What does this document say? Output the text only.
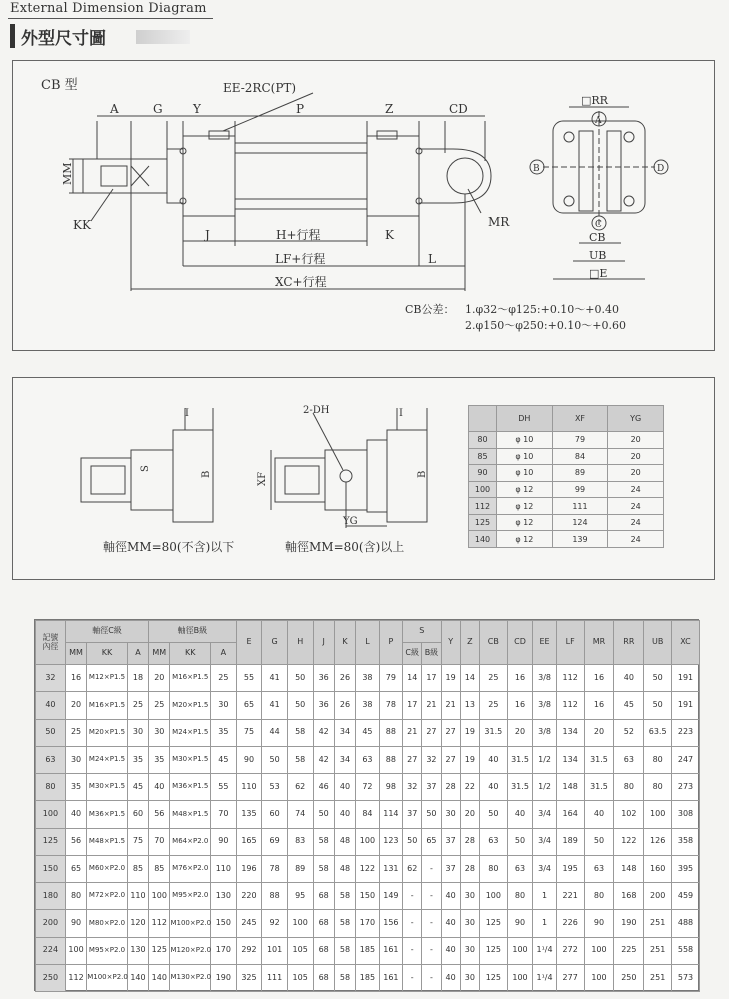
External Dimension Diagram
外型尺寸圖
CB 型	EE-2RC(PT)
A	G	Y	P	Z	CD
MM
KK	MR
J	H+行程	K
LF+行程	L
XC+行程
□RR
A
B
C
D
CB
UB
□E
CB公差： 1.φ32～φ125:+0.10～+0.40
2.φ150～φ250:+0.10～+0.60
I
S
B
2-DH	I
XF	B
YG
軸徑MM=80(不含)以下	軸徑MM=80(含)以上
	DH	XF	YG
80	φ 10	79	20
85	φ 10	84	20
90	φ 10	89	20
100	φ 12	99	24
112	φ 12	111	24
125	φ 12	124	24
140	φ 12	139	24
記號
內徑	軸徑C級			軸徑B級			E	G	H	J	K	L	P	S		Y	Z	CB	CD	EE	LF	MR	RR	UB	XC
	MM	KK	A	MM	KK	A								C級	B級										
32	16	M12×P1.5	18	20	M16×P1.5	25	55	41	50	36	26	38	79	14	17	19	14	25	16	3/8	112	16	40	50	191
40	20	M16×P1.5	25	25	M20×P1.5	30	65	41	50	36	26	38	78	17	21	21	13	25	16	3/8	112	16	45	50	191
50	25	M20×P1.5	30	30	M24×P1.5	35	75	44	58	42	34	45	88	21	27	27	19	31.5	20	3/8	134	20	52	63.5	223
63	30	M24×P1.5	35	35	M30×P1.5	45	90	50	58	42	34	63	88	27	32	27	19	40	31.5	1/2	134	31.5	63	80	247
80	35	M30×P1.5	45	40	M36×P1.5	55	110	53	62	46	40	72	98	32	37	28	22	40	31.5	1/2	148	31.5	80	80	273
100	40	M36×P1.5	60	56	M48×P1.5	70	135	60	74	50	40	84	114	37	50	30	20	50	40	3/4	164	40	102	100	308
125	56	M48×P1.5	75	70	M64×P2.0	90	165	69	83	58	48	100	123	50	65	37	28	63	50	3/4	189	50	122	126	358
150	65	M60×P2.0	85	85	M76×P2.0	110	196	78	89	58	48	122	131	62	-	37	28	80	63	3/4	195	63	148	160	395
180	80	M72×P2.0	110	100	M95×P2.0	130	220	88	95	68	58	150	149	-	-	40	30	100	80	1	221	80	168	200	459
200	90	M80×P2.0	120	112	M100×P2.0	150	245	92	100	68	58	170	156	-	-	40	30	125	90	1	226	90	190	251	488
224	100	M95×P2.0	130	125	M120×P2.0	170	292	101	105	68	58	185	161	-	-	40	30	125	100	1¹/4	272	100	225	251	558
250	112	M100×P2.0	140	140	M130×P2.0	190	325	111	105	68	58	185	161	-	-	40	30	125	100	1¹/4	277	100	250	251	573
